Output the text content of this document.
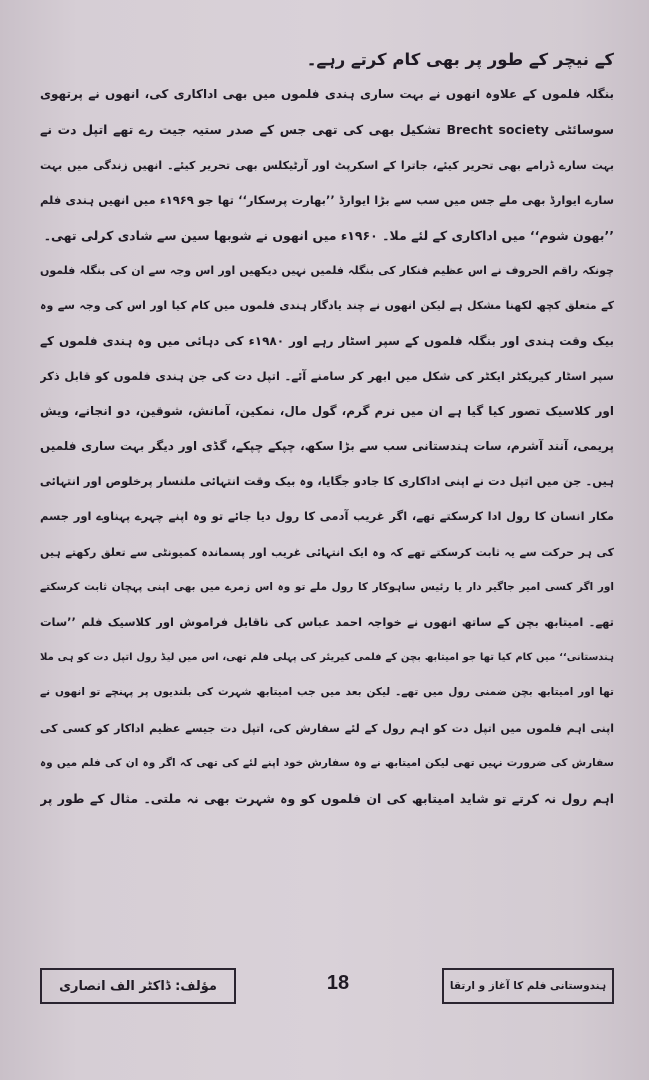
کے نیچر کے طور پر بھی کام کرتے رہے۔
بنگلہ فلموں کے علاوہ انھوں نے بہت ساری ہندی فلموں میں بھی اداکاری کی، انھوں نے پرتھوی
سوسائٹی Brecht society تشکیل بھی کی تھی جس کے صدر ستیہ جیت رے تھے اتپل دت نے
بہت سارے ڈرامے بھی تحریر کیئے، جاترا کے اسکرپٹ اور آرٹیکلس بھی تحریر کیئے۔ انھیں زندگی میں بہت
سارے ایوارڈ بھی ملے جس میں سب سے بڑا ایوارڈ ’’بھارت پرسکار‘‘ تھا جو ۱۹۶۹ء میں انھیں ہندی فلم
’’بھون شوم‘‘ میں اداکاری کے لئے ملا۔ ۱۹۶۰ء میں انھوں نے شوبھا سین سے شادی کرلی تھی۔
چونکہ راقم الحروف نے اس عظیم فنکار کی بنگلہ فلمیں نہیں دیکھیں اور اس وجہ سے ان کی بنگلہ فلموں
کے متعلق کچھ لکھنا مشکل ہے لیکن انھوں نے چند یادگار ہندی فلموں میں کام کیا اور اس کی وجہ سے وہ
بیک وقت ہندی اور بنگلہ فلموں کے سپر اسٹار رہے اور ۱۹۸۰ء کی دہائی میں وہ ہندی فلموں کے
سپر اسٹار کیریکٹر ایکٹر کی شکل میں ابھر کر سامنے آئے۔ اتپل دت کی جن ہندی فلموں کو قابل ذکر
اور کلاسیک تصور کیا گیا ہے ان میں نرم گرم، گول مال، نمکین، آمانش، شوقین، دو انجانے، ویش
پریمی، آنند آشرم، سات ہندستانی سب سے بڑا سکھ، چپکے چپکے، گڈی اور دیگر بہت ساری فلمیں
ہیں۔ جن میں اتپل دت نے اپنی اداکاری کا جادو جگایا، وہ بیک وقت انتہائی ملنسار پرخلوص اور انتہائی
مکار انسان کا رول ادا کرسکتے تھے، اگر غریب آدمی کا رول دیا جائے تو وہ اپنے چہرے پہناوے اور جسم
کی ہر حرکت سے یہ ثابت کرسکتے تھے کہ وہ ایک انتہائی غریب اور پسماندہ کمیونٹی سے تعلق رکھتے ہیں
اور اگر کسی امیر جاگیر دار یا رئیس ساہوکار کا رول ملے تو وہ اس زمرے میں بھی اپنی پہچان ثابت کرسکتے
تھے۔ امیتابھ بچن کے ساتھ انھوں نے خواجہ احمد عباس کی ناقابل فراموش اور کلاسیک فلم ’’سات
ہندستانی‘‘ میں کام کیا تھا جو امیتابھ بچن کے فلمی کیریئر کی پہلی فلم تھی، اس میں لیڈ رول اتپل دت کو ہی ملا
تھا اور امیتابھ بچن ضمنی رول میں تھے۔ لیکن بعد میں جب امیتابھ شہرت کی بلندیوں پر پہنچے تو انھوں نے
اپنی اہم فلموں میں اتپل دت کو اہم رول کے لئے سفارش کی، اتپل دت جیسے عظیم اداکار کو کسی کی
سفارش کی ضرورت نہیں تھی لیکن امیتابھ نے وہ سفارش خود اپنے لئے کی تھی کہ اگر وہ ان کی فلم میں وہ
اہم رول نہ کرتے تو شاید امیتابھ کی ان فلموں کو وہ شہرت بھی نہ ملتی۔ مثال کے طور پر
مؤلف: ڈاکٹر الف انصاری	18	ہندوستانی فلم کا آغاز و ارتقا
